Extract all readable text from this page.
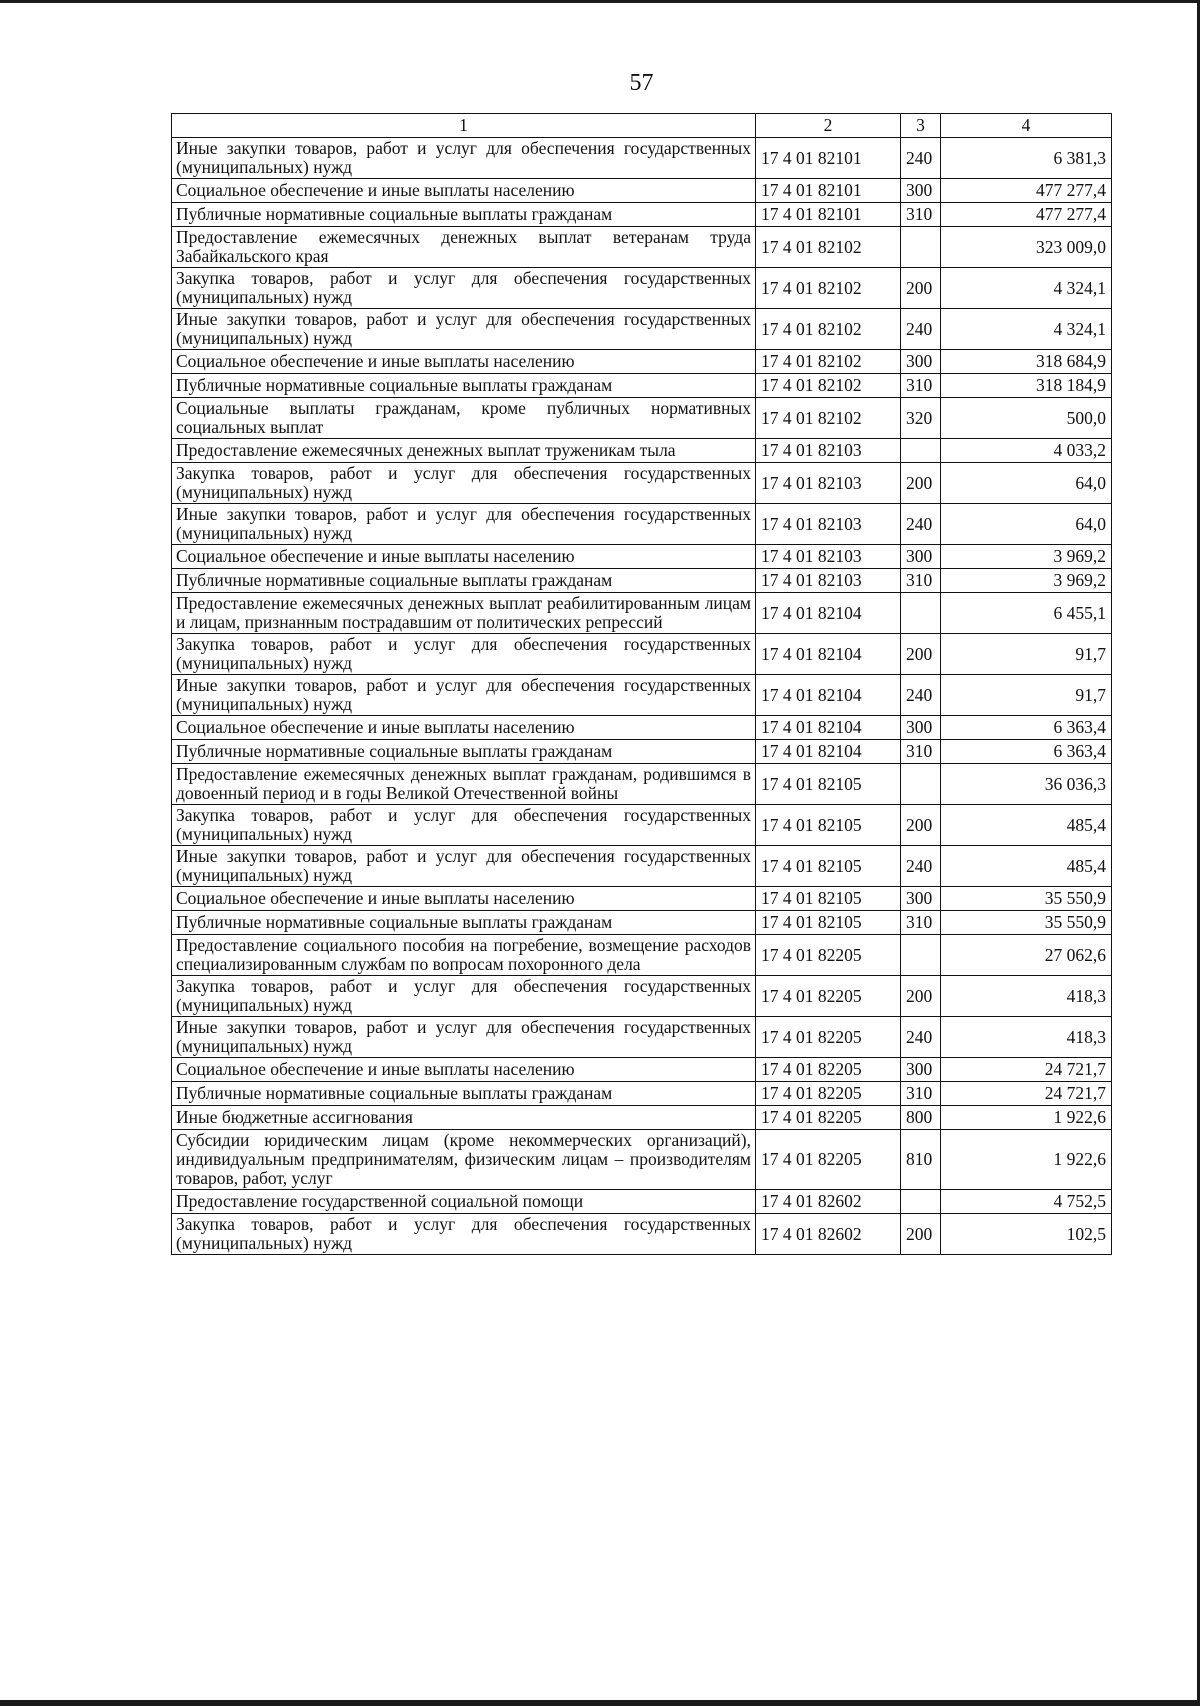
57
1	2	3	4
Иные закупки товаров, работ и услуг для обеспечения государственных (муниципальных) нужд	17 4 01 82101	240	6 381,3
Социальное обеспечение и иные выплаты населению	17 4 01 82101	300	477 277,4
Публичные нормативные социальные выплаты гражданам	17 4 01 82101	310	477 277,4
Предоставление ежемесячных денежных выплат ветеранам труда Забайкальского края	17 4 01 82102		323 009,0
Закупка товаров, работ и услуг для обеспечения государственных (муниципальных) нужд	17 4 01 82102	200	4 324,1
Иные закупки товаров, работ и услуг для обеспечения государственных (муниципальных) нужд	17 4 01 82102	240	4 324,1
Социальное обеспечение и иные выплаты населению	17 4 01 82102	300	318 684,9
Публичные нормативные социальные выплаты гражданам	17 4 01 82102	310	318 184,9
Социальные выплаты гражданам, кроме публичных нормативных социальных выплат	17 4 01 82102	320	500,0
Предоставление ежемесячных денежных выплат труженикам тыла	17 4 01 82103		4 033,2
Закупка товаров, работ и услуг для обеспечения государственных (муниципальных) нужд	17 4 01 82103	200	64,0
Иные закупки товаров, работ и услуг для обеспечения государственных (муниципальных) нужд	17 4 01 82103	240	64,0
Социальное обеспечение и иные выплаты населению	17 4 01 82103	300	3 969,2
Публичные нормативные социальные выплаты гражданам	17 4 01 82103	310	3 969,2
Предоставление ежемесячных денежных выплат реабилитированным лицам и лицам, признанным пострадавшим от политических репрессий	17 4 01 82104		6 455,1
Закупка товаров, работ и услуг для обеспечения государственных (муниципальных) нужд	17 4 01 82104	200	91,7
Иные закупки товаров, работ и услуг для обеспечения государственных (муниципальных) нужд	17 4 01 82104	240	91,7
Социальное обеспечение и иные выплаты населению	17 4 01 82104	300	6 363,4
Публичные нормативные социальные выплаты гражданам	17 4 01 82104	310	6 363,4
Предоставление ежемесячных денежных выплат гражданам, родившимся в довоенный период и в годы Великой Отечественной войны	17 4 01 82105		36 036,3
Закупка товаров, работ и услуг для обеспечения государственных (муниципальных) нужд	17 4 01 82105	200	485,4
Иные закупки товаров, работ и услуг для обеспечения государственных (муниципальных) нужд	17 4 01 82105	240	485,4
Социальное обеспечение и иные выплаты населению	17 4 01 82105	300	35 550,9
Публичные нормативные социальные выплаты гражданам	17 4 01 82105	310	35 550,9
Предоставление социального пособия на погребение, возмещение расходов специализированным службам по вопросам похоронного дела	17 4 01 82205		27 062,6
Закупка товаров, работ и услуг для обеспечения государственных (муниципальных) нужд	17 4 01 82205	200	418,3
Иные закупки товаров, работ и услуг для обеспечения государственных (муниципальных) нужд	17 4 01 82205	240	418,3
Социальное обеспечение и иные выплаты населению	17 4 01 82205	300	24 721,7
Публичные нормативные социальные выплаты гражданам	17 4 01 82205	310	24 721,7
Иные бюджетные ассигнования	17 4 01 82205	800	1 922,6
Субсидии юридическим лицам (кроме некоммерческих организаций), индивидуальным предпринимателям, физическим лицам – производителям товаров, работ, услуг	17 4 01 82205	810	1 922,6
Предоставление государственной социальной помощи	17 4 01 82602		4 752,5
Закупка товаров, работ и услуг для обеспечения государственных (муниципальных) нужд	17 4 01 82602	200	102,5
